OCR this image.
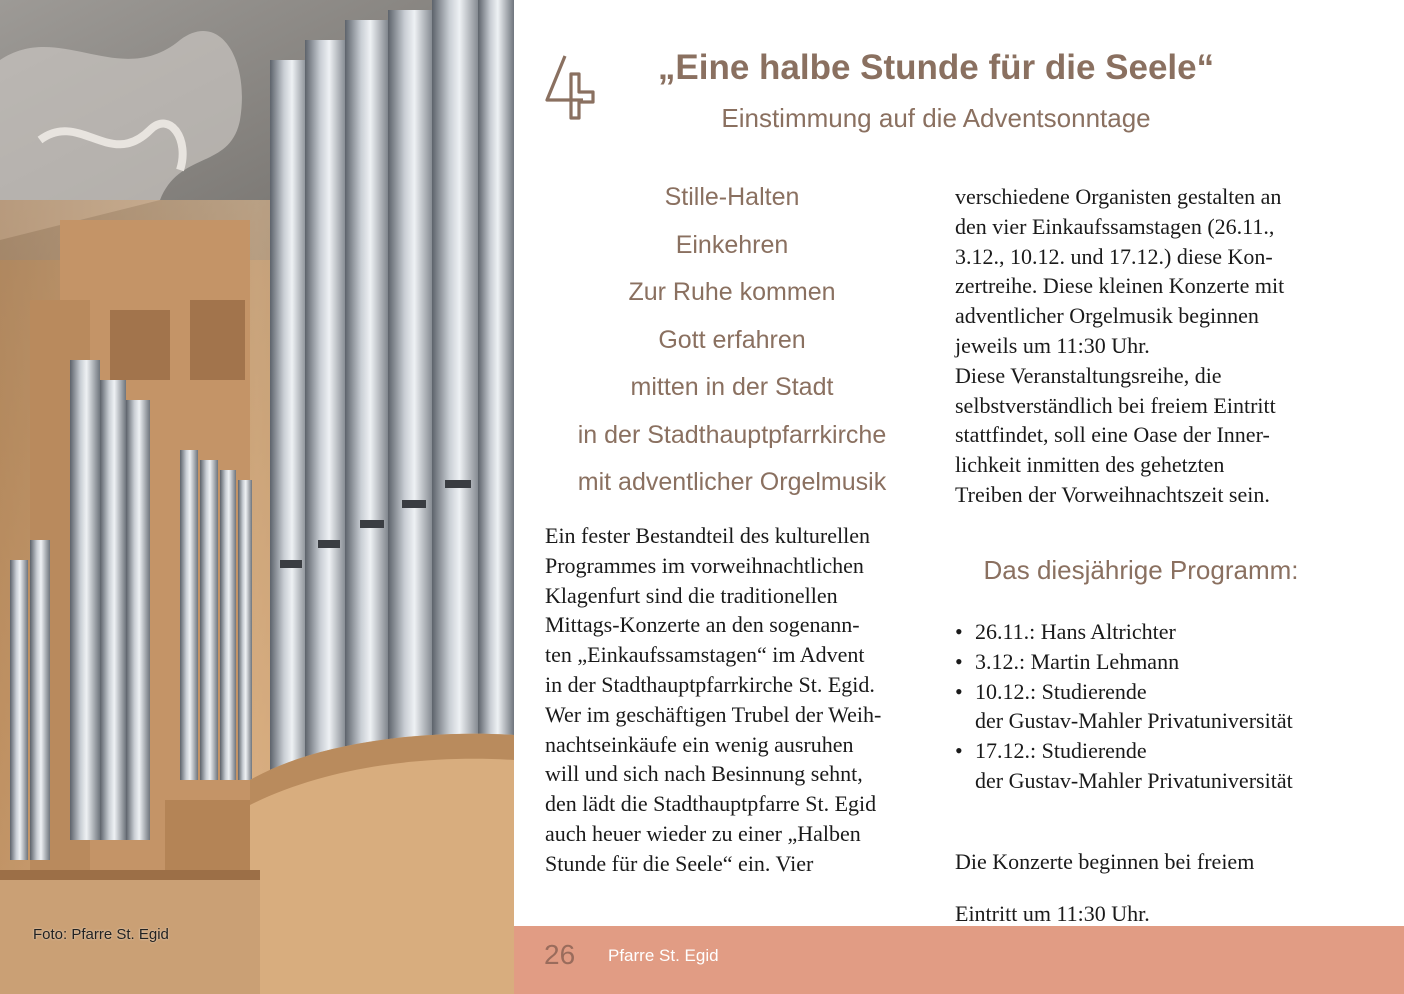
Foto: Pfarre St. Egid
„Eine halbe Stunde für die Seele“
Einstimmung auf die Adventsonntage
Stille-Halten
Einkehren
Zur Ruhe kommen
Gott erfahren
mitten in der Stadt
in der Stadthauptpfarrkirche
mit adventlicher Orgelmusik

Ein fester Bestandteil des kulturellen

Programmes im vorweihnachtlichen

Klagenfurt sind die traditionellen

Mittags-Konzerte an den sogenann-

ten „Einkaufssamstagen“ im Advent

in der Stadthauptpfarrkirche St. Egid.

Wer im geschäftigen Trubel der Weih-

nachtseinkäufe ein wenig ausruhen

will und sich nach Besinnung sehnt,

den lädt die Stadthauptpfarre St. Egid

auch heuer wieder zu einer „Halben

Stunde für die Seele“ ein. Vier

verschiedene Organisten gestalten an

den vier Einkaufssamstagen (26.11.,

3.12., 10.12. und 17.12.) diese Kon-

zertreihe. Diese kleinen Konzerte mit

adventlicher Orgelmusik beginnen

jeweils um 11:30 Uhr.

Diese Veranstaltungsreihe, die

selbstverständlich bei freiem Eintritt

stattfindet, soll eine Oase der Inner-

lichkeit inmitten des gehetzten

Treiben der Vorweihnachtszeit sein.

Das diesjährige Programm:
• 26.11.: Hans Altrichter
• 3.12.: Martin Lehmann
• 10.12.: Studierende
der Gustav-Mahler Privatuniversität
• 17.12.: Studierende
der Gustav-Mahler Privatuniversität

Die Konzerte beginnen bei freiem

Eintritt um 11:30 Uhr.

26 Pfarre St. Egid
